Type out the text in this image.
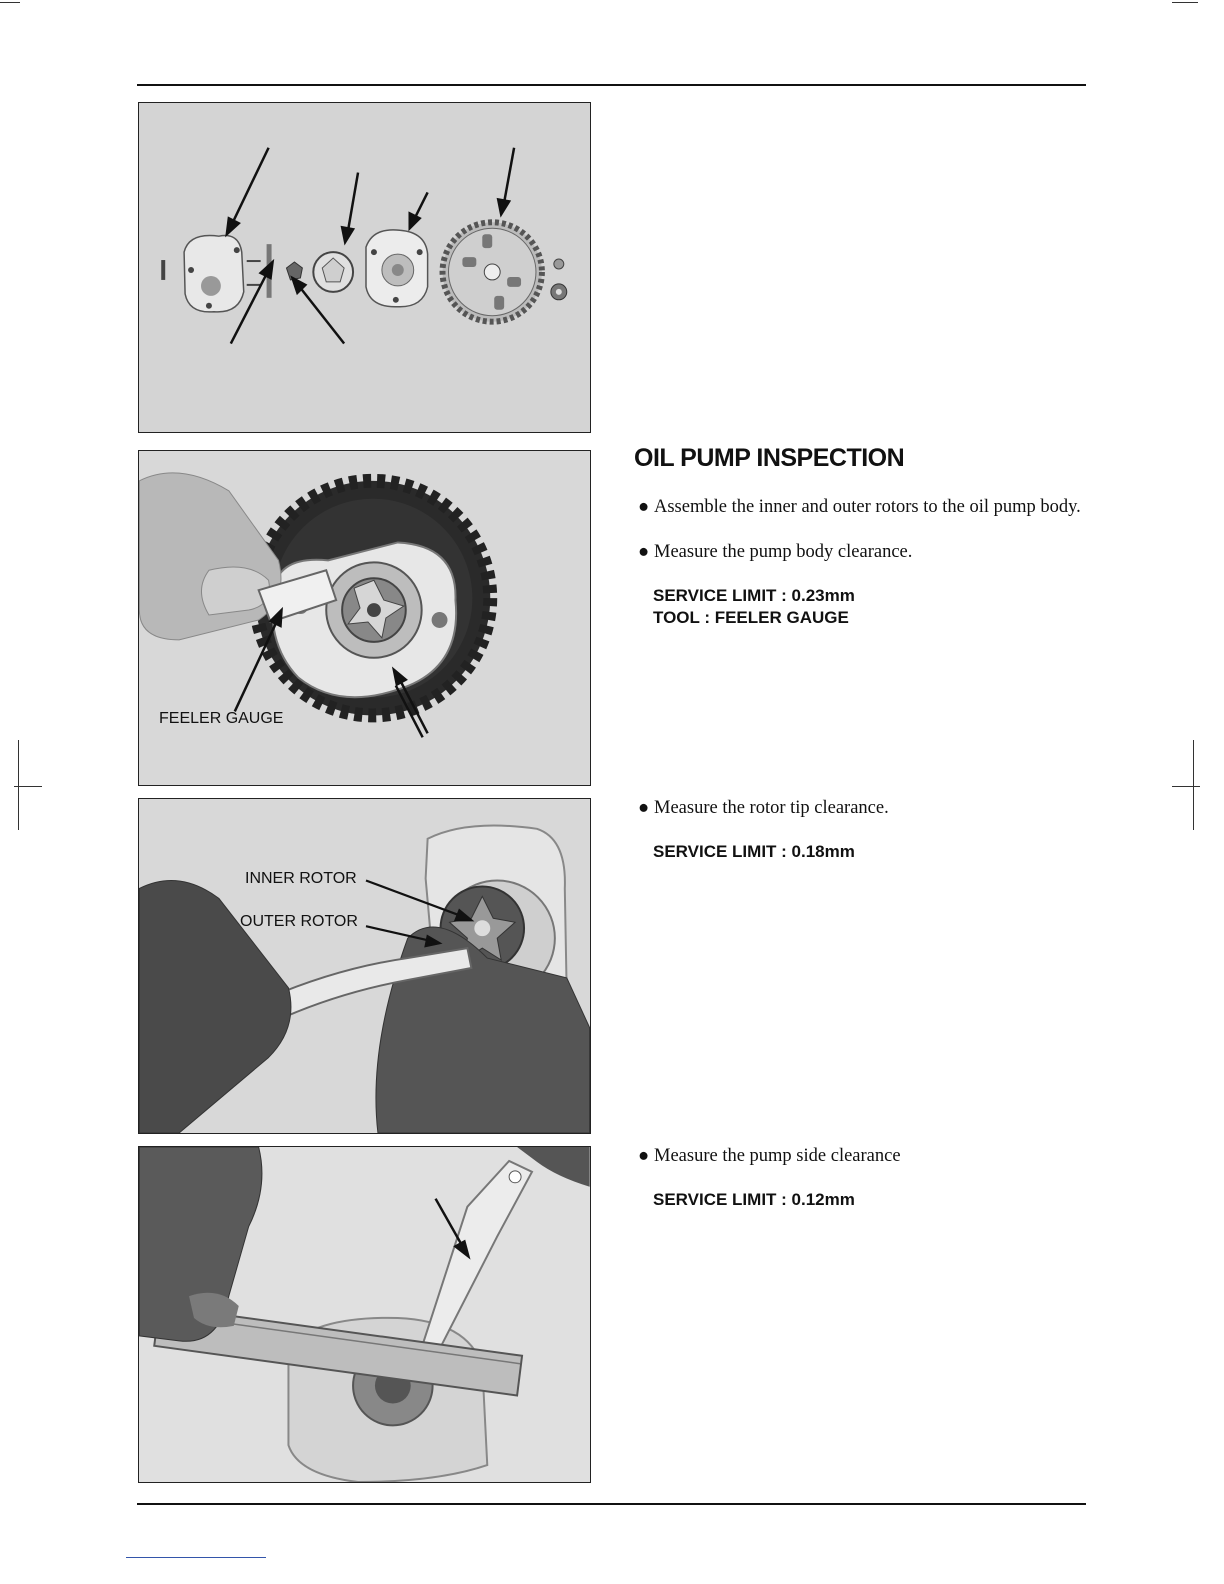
FEELER GAUGE
INNER ROTOR
OUTER ROTOR
OIL PUMP INSPECTION
● Assemble the inner and outer rotors to the oil pump body.
● Measure the pump body clearance.
SERVICE LIMIT : 0.23mm
TOOL : FEELER GAUGE
● Measure the rotor tip clearance.
SERVICE LIMIT : 0.18mm
● Measure the pump side clearance
SERVICE LIMIT : 0.12mm
